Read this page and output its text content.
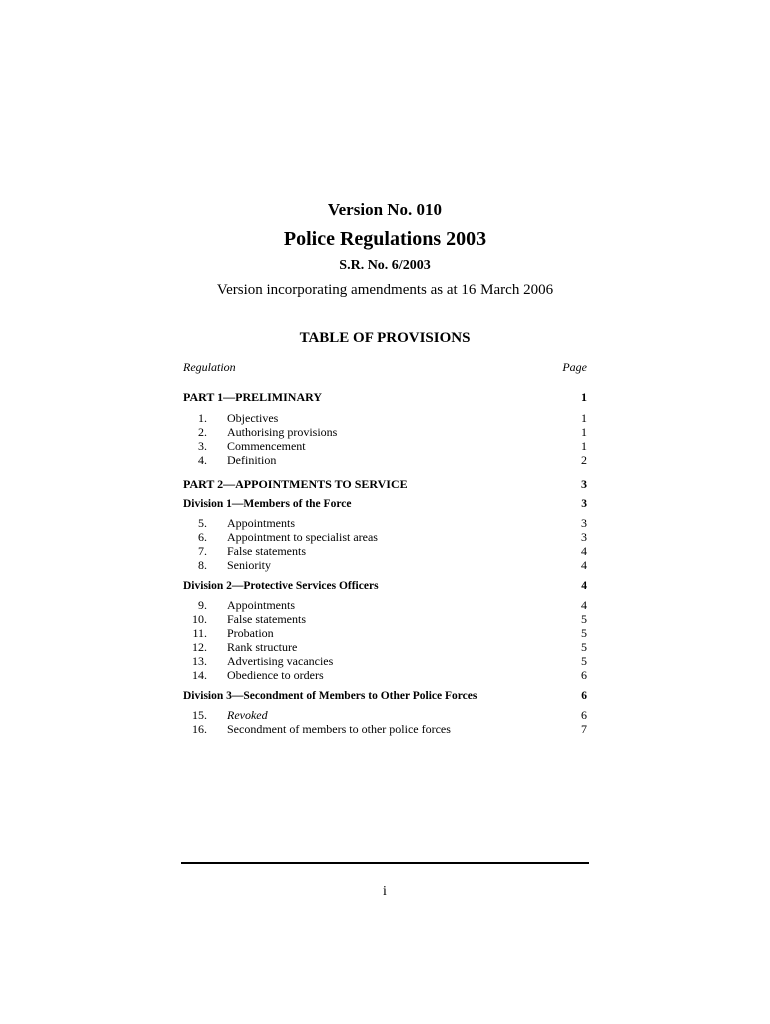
Version No. 010
Police Regulations 2003
S.R. No. 6/2003
Version incorporating amendments as at 16 March 2006
TABLE OF PROVISIONS
Regulation	Page
PART 1—PRELIMINARY	1
1.	Objectives	1
2.	Authorising provisions	1
3.	Commencement	1
4.	Definition	2
PART 2—APPOINTMENTS TO SERVICE	3
Division 1—Members of the Force	3
5.	Appointments	3
6.	Appointment to specialist areas	3
7.	False statements	4
8.	Seniority	4
Division 2—Protective Services Officers	4
9.	Appointments	4
10.	False statements	5
11.	Probation	5
12.	Rank structure	5
13.	Advertising vacancies	5
14.	Obedience to orders	6
Division 3—Secondment of Members to Other Police Forces	6
15.	Revoked	6
16.	Secondment of members to other police forces	7
i
